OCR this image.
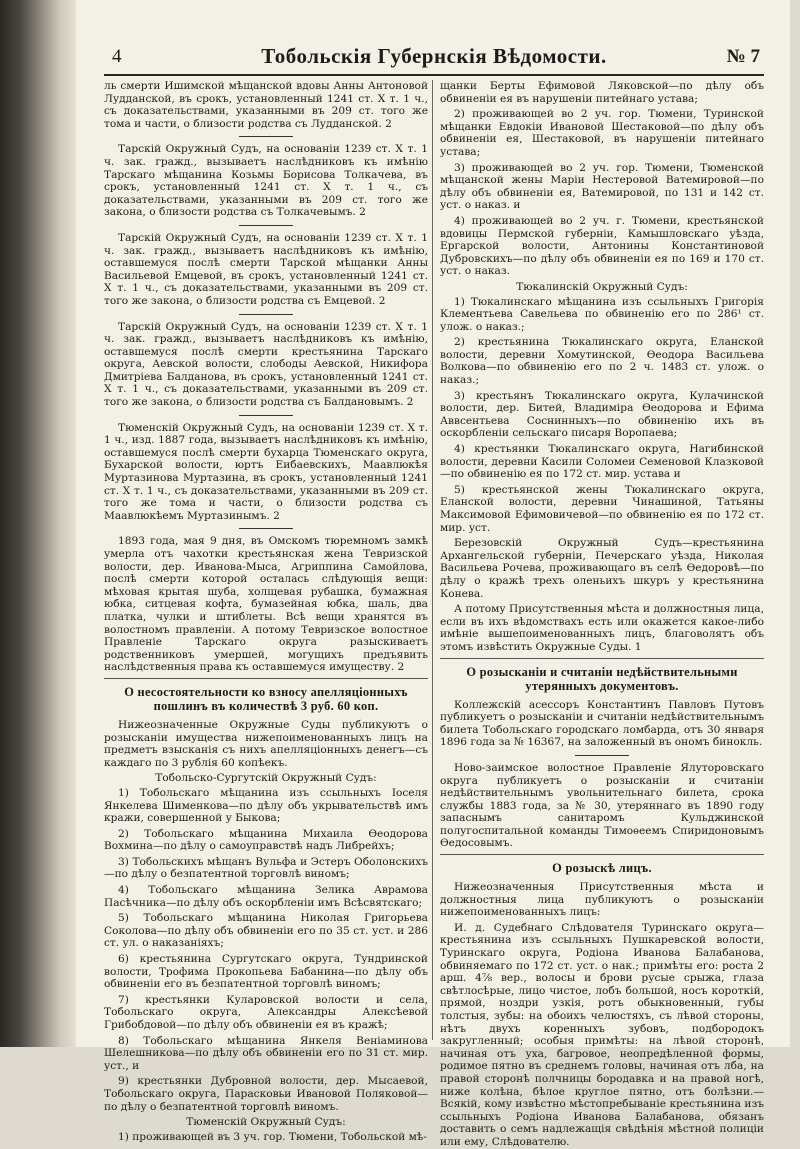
4	Тобольскія Губернскія Вѣдомости.	№ 7

ль смерти Ишимской мѣщанской вдовы Анны Антоновой Лудданской, въ срокъ, установленный 1241 ст. Х т. 1 ч., съ доказательствами, указанными въ 209 ст. того же тома и части, о близости родства съ Лудданской. 2

Тарскій Окружный Судъ, на основаніи 1239 ст. Х т. 1 ч. зак. гражд., вызываетъ наслѣдниковъ къ имѣнію Тарскаго мѣщанина Козьмы Борисова Толкачева, въ срокъ, установленный 1241 ст. Х т. 1 ч., съ доказательствами, указанными въ 209 ст. того же закона, о близости родства съ Толкачевымъ. 2

Тарскій Окружный Судъ, на основаніи 1239 ст. Х т. 1 ч. зак. гражд., вызываетъ наслѣдниковъ къ имѣнію, оставшемуся послѣ смерти Тарской мѣщанки Анны Васильевой Емцевой, въ срокъ, установленный 1241 ст. Х т. 1 ч., съ доказательствами, указанными въ 209 ст. того же закона, о близости родства съ Емцевой. 2

Тарскій Окружный Судъ, на основаніи 1239 ст. Х т. 1 ч. зак. гражд., вызываетъ наслѣдниковъ къ имѣнію, оставшемуся послѣ смерти крестьянина Тарскаго округа, Аевской волости, слободы Аевской, Никифора Дмитріева Балданова, въ срокъ, установленный 1241 ст. Х т. 1 ч., съ доказательствами, указанными въ 209 ст. того же закона, о близости родства съ Балдановымъ. 2

Тюменскій Окружный Судъ, на основаніи 1239 ст. Х т. 1 ч., изд. 1887 года, вызываетъ наслѣдниковъ къ имѣнію, оставшемуся послѣ смерти бухарца Тюменскаго округа, Бухарской волости, юртъ Еибаевскихъ, Маавлюкѣя Муртазинова Муртазина, въ срокъ, установленный 1241 ст. Х т. 1 ч., съ доказательствами, указанными въ 209 ст. того же тома и части, о близости родства съ Маавлюкѣемъ Муртазинымъ. 2

1893 года, мая 9 дня, въ Омскомъ тюремномъ замкѣ умерла отъ чахотки крестьянская жена Тевризской волости, дер. Иванова-Мыса, Агриппина Самойлова, послѣ смерти которой осталась слѣдующія вещи: мѣховая крытая шуба, холщевая рубашка, бумажная юбка, ситцевая кофта, бумазейная юбка, шаль, два платка, чулки и штиблеты. Всѣ вещи хранятся въ волостномъ правленіи. А потому Тевризское волостное Правленіе Тарскаго округа разыскиваетъ родственниковъ умершей, могущихъ предъявить наслѣдственныя права къ оставшемуся имуществу. 2

О несостоятельности ко взносу апелляціонныхъ пошлинъ въ количествѣ 3 руб. 60 коп.

Нижеозначенные Окружные Суды публикуютъ о розысканіи имущества нижепоименованныхъ лицъ на предметъ взысканія съ нихъ апелляціонныхъ денегъ—съ каждаго по 3 рублія 60 копѣекъ.

Тобольско-Сургутскій Окружный Судъ:

1) Тобольскаго мѣщанина изъ ссыльныхъ Іоселя Янкелева Шименкова—по дѣлу объ укрывательствѣ имъ кражи, совершенной у Быкова;

2) Тобольскаго мѣщанина Михаила Ѳеодорова Вохмина—по дѣлу о самоуправствѣ надъ Либрейхъ;

3) Тобольскихъ мѣщанъ Вульфа и Эстеръ Оболонскихъ—по дѣлу о безпатентной торговлѣ виномъ;

4) Тобольскаго мѣщанина Зелика Аврамова Пасѣчника—по дѣлу объ оскорбленіи имъ Всѣсвятскаго;

5) Тобольскаго мѣщанина Николая Григорьева Соколова—по дѣлу объ обвиненіи его по 35 ст. уст. и 286 ст. ул. о наказаніяхъ;

6) крестьянина Сургутскаго округа, Тундринской волости, Трофима Прокопьева Бабанина—по дѣлу объ обвиненіи его въ безпатентной торговлѣ виномъ;

7) крестьянки Куларовской волости и села, Тобольскаго округа, Александры Алексѣевой Грибобдовой—по дѣлу объ обвиненіи ея въ кражѣ;

8) Тобольскаго мѣщанина Янкеля Веніаминова Шелешникова—по дѣлу объ обвиненіи его по 31 ст. мир. уст., и

9) крестьянки Дубровной волости, дер. Мысаевой, Тобольскаго округа, Парасковьи Ивановой Поляковой—по дѣлу о безпатентной торговлѣ виномъ.

Тюменскій Окружный Судъ:

1) проживающей въ 3 уч. гор. Тюмени, Тобольской мѣ-

щанки Берты Ефимовой Ляковской—по дѣлу объ обвиненіи ея въ нарушеніи питейнаго устава;

2) проживающей во 2 уч. гор. Тюмени, Туринской мѣщанки Евдокіи Ивановой Шестаковой—по дѣлу объ обвиненіи ея, Шестаковой, въ нарушеніи питейнаго устава;

3) проживающей во 2 уч. гор. Тюмени, Тюменской мѣщанской жены Маріи Нестеровой Ватемировой—по дѣлу объ обвиненіи ея, Ватемировой, по 131 и 142 ст. уст. о наказ. и

4) проживающей во 2 уч. г. Тюмени, крестьянской вдовицы Пермской губерніи, Камышловскаго уѣзда, Ергарской волости, Антонины Константиновой Дубровскихъ—по дѣлу объ обвиненіи ея по 169 и 170 ст. уст. о наказ.

Тюкалинскій Окружный Судъ:

1) Тюкалинскаго мѣщанина изъ ссыльныхъ Григорія Клементьева Савельева по обвиненію его по 286¹ ст. улож. о наказ.;

2) крестьянина Тюкалинскаго округа, Еланской волости, деревни Хомутинской, Ѳеодора Васильева Волкова—по обвиненію его по 2 ч. 1483 ст. улож. о наказ.;

3) крестьянъ Тюкалинскаго округа, Кулачинской волости, дер. Битей, Владиміра Ѳеодорова и Ефима Аввсентьева Соснинныхъ—по обвиненію ихъ въ оскорбленіи сельскаго писаря Воропаева;

4) крестьянки Тюкалинскаго округа, Нагибинской волости, деревни Касили Соломеи Семеновой Клазковой—по обвиненію ея по 172 ст. мир. устава и

5) крестьянской жены Тюкалинскаго округа, Еланской волости, деревни Чинашиной, Татьяны Максимовой Ефимовичевой—по обвиненію ея по 172 ст. мир. уст.

Березовскій Окружный Судъ—крестьянина Архангельской губерніи, Печерскаго уѣзда, Николая Васильева Рочева, проживающаго въ селѣ Ѳедоровѣ—по дѣлу о кражѣ трехъ оленьихъ шкуръ у крестьянина Конева.

А потому Присутственныя мѣста и должностныя лица, если въ ихъ вѣдомствахъ есть или окажется какое-либо имѣніе вышепоименованныхъ лицъ, благоволятъ объ этомъ извѣстить Окружные Суды. 1

О розысканіи и считаніи недѣйствительными утерянныхъ документовъ.

Коллежскій асессоръ Константинъ Павловъ Путовъ публикуетъ о розысканіи и считаніи недѣйствительнымъ билета Тобольскаго городскаго ломбарда, отъ 30 января 1896 года за № 16367, на заложенный въ ономъ бинокль.

Ново-заимское волостное Правленіе Ялуторовскаго округа публикуетъ о розысканіи и считаніи недѣйствительнымъ увольнительнаго билета, срока службы 1883 года, за № 30, утеряннаго въ 1890 году запаснымъ санитаромъ Кульджинской полугоспитальной команды Тимоѳеемъ Спиридоновымъ Ѳедосовымъ.

О розыскѣ лицъ.

Нижеозначенныя Присутственныя мѣста и должностныя лица публикуютъ о розысканіи нижепоименованныхъ лицъ:

И. д. Судебнаго Слѣдователя Туринскаго округа—крестьянина изъ ссыльныхъ Пушкаревской волости, Туринскаго округа, Родіона Иванова Балабанова, обвиняемаго по 172 ст. уст. о нак.; примѣты его: роста 2 арш. 4⅞ вер., волосы и брови русые срыжа, глаза свѣтлосѣрые, лицо чистое, лобъ большой, носъ короткій, прямой, ноздри узкія, ротъ обыкновенный, губы толстыя, зубы: на обоихъ челюстяхъ, съ лѣвой стороны, нѣтъ двухъ коренныхъ зубовъ, подбородокъ закругленный; особыя примѣты: на лѣвой сторонѣ, начиная отъ уха, багровое, неопредѣленной формы, родимое пятно въ среднемъ головы, начиная отъ лба, на правой сторонѣ полчницы бородавка и на правой ногѣ, ниже колѣна, бѣлое круглое пятно, отъ болѣзни.—Всякій, кому извѣстно мѣстопребываніе крестьянина изъ ссыльныхъ Родіона Иванова Балабанова, обязанъ доставить о семъ надлежащія свѣдѣнія мѣстной полиціи или ему, Слѣдователю.
